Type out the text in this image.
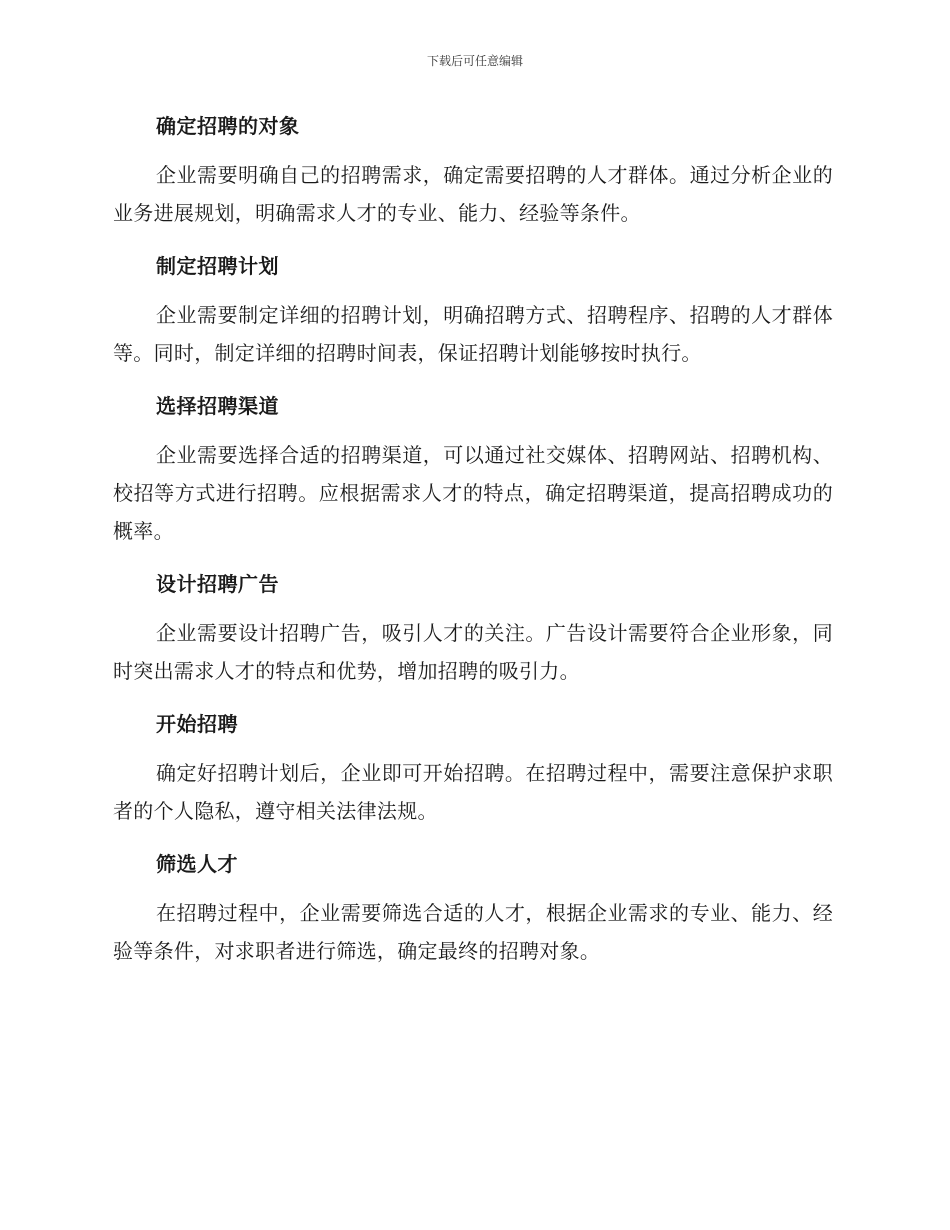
下载后可任意编辑
确定招聘的对象

企业需要明确自己的招聘需求，确定需要招聘的人才群体。通过分析企业的业务进展规划，明确需求人才的专业、能力、经验等条件。

制定招聘计划

企业需要制定详细的招聘计划，明确招聘方式、招聘程序、招聘的人才群体等。同时，制定详细的招聘时间表，保证招聘计划能够按时执行。

选择招聘渠道

企业需要选择合适的招聘渠道，可以通过社交媒体、招聘网站、招聘机构、校招等方式进行招聘。应根据需求人才的特点，确定招聘渠道，提高招聘成功的概率。

设计招聘广告

企业需要设计招聘广告，吸引人才的关注。广告设计需要符合企业形象，同时突出需求人才的特点和优势，增加招聘的吸引力。

开始招聘

确定好招聘计划后，企业即可开始招聘。在招聘过程中，需要注意保护求职者的个人隐私，遵守相关法律法规。

筛选人才

在招聘过程中，企业需要筛选合适的人才，根据企业需求的专业、能力、经验等条件，对求职者进行筛选，确定最终的招聘对象。
